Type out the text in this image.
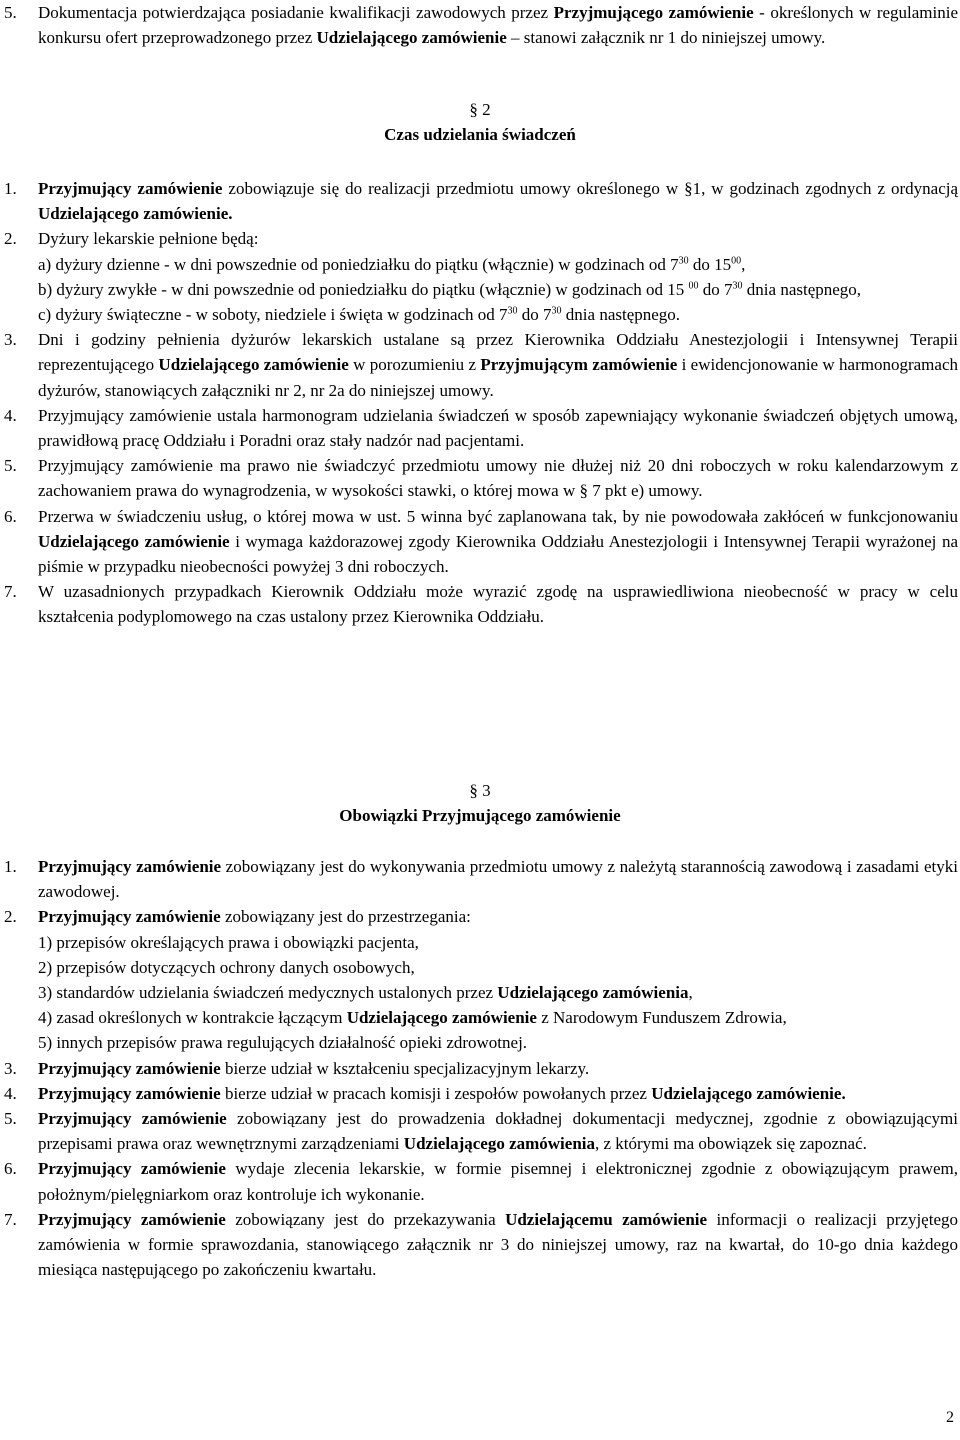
5. Dokumentacja potwierdzająca posiadanie kwalifikacji zawodowych przez Przyjmującego zamówienie - określonych w regulaminie konkursu ofert przeprowadzonego przez Udzielającego zamówienie – stanowi załącznik nr 1 do niniejszej umowy.
§ 2
Czas udzielania świadczeń
1. Przyjmujący zamówienie zobowiązuje się do realizacji przedmiotu umowy określonego w §1, w godzinach zgodnych z ordynacją Udzielającego zamówienie.
2. Dyżury lekarskie pełnione będą:
a) dyżury dzienne - w dni powszednie od poniedziałku do piątku (włącznie) w godzinach od $7^{30}$ do $15^{00}$,
b) dyżury zwykłe - w dni powszednie od poniedziałku do piątku (włącznie) w godzinach od 15 $^{00}$ do $7^{30}$ dnia następnego,
c) dyżury świąteczne - w soboty, niedziele i święta w godzinach od $7^{30}$ do $7^{30}$ dnia następnego.
3. Dni i godziny pełnienia dyżurów lekarskich ustalane są przez Kierownika Oddziału Anestezjologii i Intensywnej Terapii reprezentującego Udzielającego zamówienie w porozumieniu z Przyjmującym zamówienie i ewidencjonowanie w harmonogramach dyżurów, stanowiących załączniki nr 2, nr 2a do niniejszej umowy.
4. Przyjmujący zamówienie ustala harmonogram udzielania świadczeń w sposób zapewniający wykonanie świadczeń objętych umową, prawidłową pracę Oddziału i Poradni oraz stały nadzór nad pacjentami.
5. Przyjmujący zamówienie ma prawo nie świadczyć przedmiotu umowy nie dłużej niż 20 dni roboczych w roku kalendarzowym z zachowaniem prawa do wynagrodzenia, w wysokości stawki, o której mowa w § 7 pkt e) umowy.
6. Przerwa w świadczeniu usług, o której mowa w ust. 5 winna być zaplanowana tak, by nie powodowała zakłóceń w funkcjonowaniu Udzielającego zamówienie i wymaga każdorazowej zgody Kierownika Oddziału Anestezjologii i Intensywnej Terapii wyrażonej na piśmie w przypadku nieobecności powyżej 3 dni roboczych.
7. W uzasadnionych przypadkach Kierownik Oddziału może wyrazić zgodę na usprawiedliwiona nieobecność w pracy w celu kształcenia podyplomowego na czas ustalony przez Kierownika Oddziału.
§ 3
Obowiązki Przyjmującego zamówienie
1. Przyjmujący zamówienie zobowiązany jest do wykonywania przedmiotu umowy z należytą starannością zawodową i zasadami etyki zawodowej.
2. Przyjmujący zamówienie zobowiązany jest do przestrzegania:
1) przepisów określających prawa i obowiązki pacjenta,
2) przepisów dotyczących ochrony danych osobowych,
3) standardów udzielania świadczeń medycznych ustalonych przez Udzielającego zamówienia,
4) zasad określonych w kontrakcie łączącym Udzielającego zamówienie z Narodowym Funduszem Zdrowia,
5) innych przepisów prawa regulujących działalność opieki zdrowotnej.
3. Przyjmujący zamówienie bierze udział w kształceniu specjalizacyjnym lekarzy.
4. Przyjmujący zamówienie bierze udział w pracach komisji i zespołów powołanych przez Udzielającego zamówienie.
5. Przyjmujący zamówienie zobowiązany jest do prowadzenia dokładnej dokumentacji medycznej, zgodnie z obowiązującymi przepisami prawa oraz wewnętrznymi zarządzeniami Udzielającego zamówienia, z którymi ma obowiązek się zapoznać.
6. Przyjmujący zamówienie wydaje zlecenia lekarskie, w formie pisemnej i elektronicznej zgodnie z obowiązującym prawem, położnym/pielęgniarkom oraz kontroluje ich wykonanie.
7. Przyjmujący zamówienie zobowiązany jest do przekazywania Udzielającemu zamówienie informacji o realizacji przyjętego zamówienia w formie sprawozdania, stanowiącego załącznik nr 3 do niniejszej umowy, raz na kwartał, do 10-go dnia każdego miesiąca następującego po zakończeniu kwartału.
2
